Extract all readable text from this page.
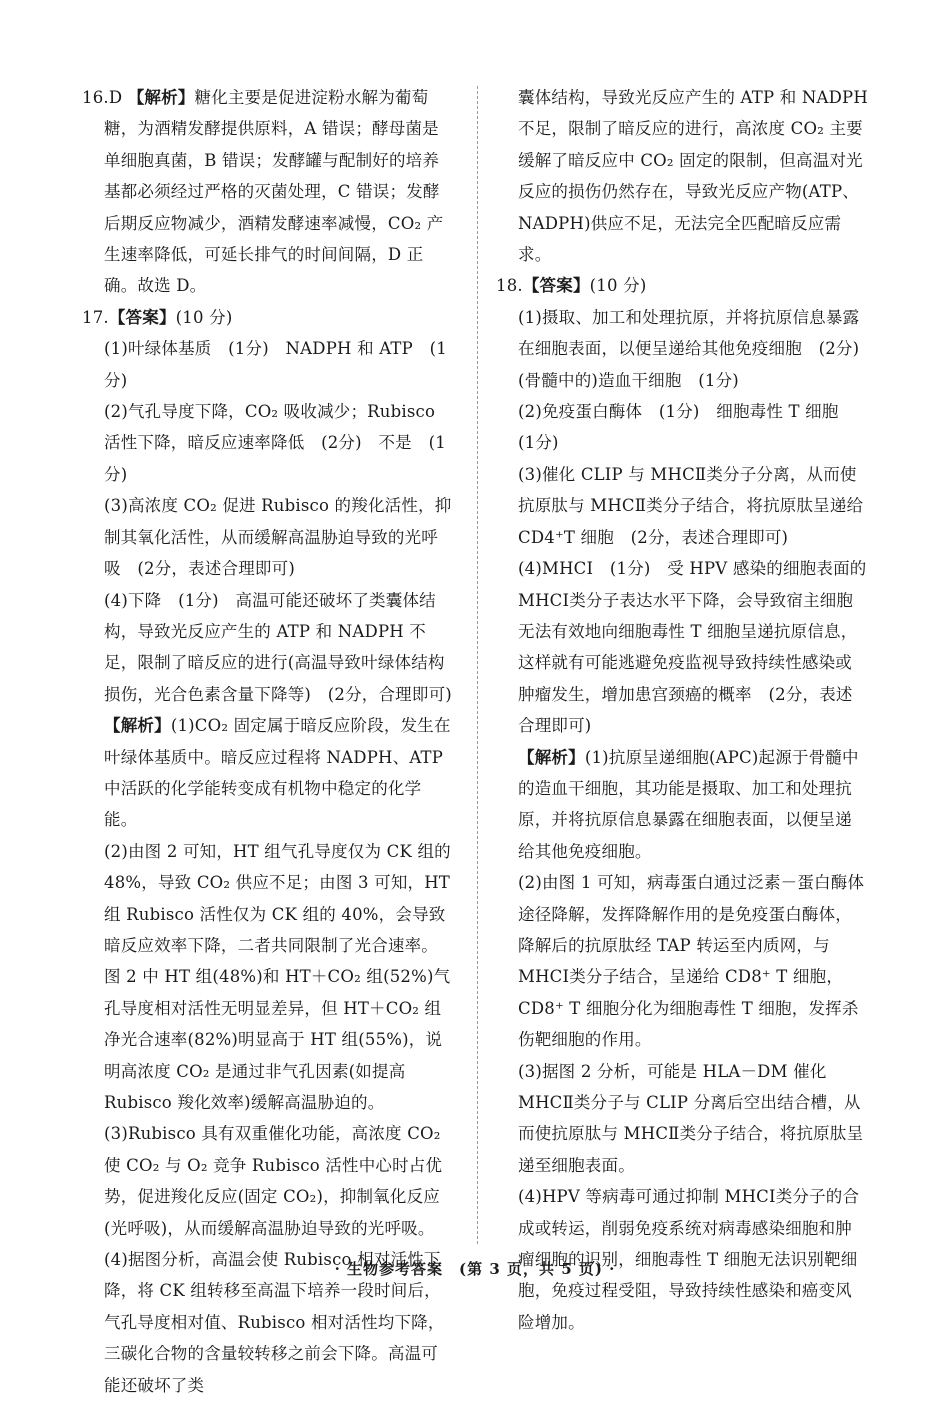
16.D 【解析】糖化主要是促进淀粉水解为葡萄糖，为酒精发酵提供原料，A 错误；酵母菌是单细胞真菌，B 错误；发酵罐与配制好的培养基都必须经过严格的灭菌处理，C 错误；发酵后期反应物减少，酒精发酵速率减慢，CO₂ 产生速率降低，可延长排气的时间间隔，D 正确。故选 D。

17.【答案】(10 分)

(1)叶绿体基质　(1分)　NADPH 和 ATP　(1分)

(2)气孔导度下降，CO₂ 吸收减少；Rubisco 活性下降，暗反应速率降低　(2分)　不是　(1分)

(3)高浓度 CO₂ 促进 Rubisco 的羧化活性，抑制其氧化活性，从而缓解高温胁迫导致的光呼吸　(2分，表述合理即可)

(4)下降　(1分)　高温可能还破坏了类囊体结构，导致光反应产生的 ATP 和 NADPH 不足，限制了暗反应的进行(高温导致叶绿体结构损伤，光合色素含量下降等)　(2分，合理即可)

【解析】(1)CO₂ 固定属于暗反应阶段，发生在叶绿体基质中。暗反应过程将 NADPH、ATP 中活跃的化学能转变成有机物中稳定的化学能。

(2)由图 2 可知，HT 组气孔导度仅为 CK 组的 48%，导致 CO₂ 供应不足；由图 3 可知，HT 组 Rubisco 活性仅为 CK 组的 40%，会导致暗反应效率下降，二者共同限制了光合速率。图 2 中 HT 组(48%)和 HT＋CO₂ 组(52%)气孔导度相对活性无明显差异，但 HT＋CO₂ 组净光合速率(82%)明显高于 HT 组(55%)，说明高浓度 CO₂ 是通过非气孔因素(如提高 Rubisco 羧化效率)缓解高温胁迫的。

(3)Rubisco 具有双重催化功能，高浓度 CO₂ 使 CO₂ 与 O₂ 竞争 Rubisco 活性中心时占优势，促进羧化反应(固定 CO₂)，抑制氧化反应(光呼吸)，从而缓解高温胁迫导致的光呼吸。

(4)据图分析，高温会使 Rubisco 相对活性下降，将 CK 组转移至高温下培养一段时间后，气孔导度相对值、Rubisco 相对活性均下降，三碳化合物的含量较转移之前会下降。高温可能还破坏了类

囊体结构，导致光反应产生的 ATP 和 NADPH 不足，限制了暗反应的进行，高浓度 CO₂ 主要缓解了暗反应中 CO₂ 固定的限制，但高温对光反应的损伤仍然存在，导致光反应产物(ATP、NADPH)供应不足，无法完全匹配暗反应需求。

18.【答案】(10 分)

(1)摄取、加工和处理抗原，并将抗原信息暴露在细胞表面，以便呈递给其他免疫细胞　(2分)　(骨髓中的)造血干细胞　(1分)

(2)免疫蛋白酶体　(1分)　细胞毒性 T 细胞　(1分)

(3)催化 CLIP 与 MHCⅡ类分子分离，从而使抗原肽与 MHCⅡ类分子结合，将抗原肽呈递给 CD4⁺T 细胞　(2分，表述合理即可)

(4)MHCⅠ　(1分)　受 HPV 感染的细胞表面的 MHCⅠ类分子表达水平下降，会导致宿主细胞无法有效地向细胞毒性 T 细胞呈递抗原信息，这样就有可能逃避免疫监视导致持续性感染或肿瘤发生，增加患宫颈癌的概率　(2分，表述合理即可)

【解析】(1)抗原呈递细胞(APC)起源于骨髓中的造血干细胞，其功能是摄取、加工和处理抗原，并将抗原信息暴露在细胞表面，以便呈递给其他免疫细胞。

(2)由图 1 可知，病毒蛋白通过泛素－蛋白酶体途径降解，发挥降解作用的是免疫蛋白酶体，降解后的抗原肽经 TAP 转运至内质网，与 MHCⅠ类分子结合，呈递给 CD8⁺ T 细胞，CD8⁺ T 细胞分化为细胞毒性 T 细胞，发挥杀伤靶细胞的作用。

(3)据图 2 分析，可能是 HLA－DM 催化 MHCⅡ类分子与 CLIP 分离后空出结合槽，从而使抗原肽与 MHCⅡ类分子结合，将抗原肽呈递至细胞表面。

(4)HPV 等病毒可通过抑制 MHCⅠ类分子的合成或转运，削弱免疫系统对病毒感染细胞和肿瘤细胞的识别，细胞毒性 T 细胞无法识别靶细胞，免疫过程受阻，导致持续性感染和癌变风险增加。

· 生物参考答案　(第 3 页，共 5 页) ·
